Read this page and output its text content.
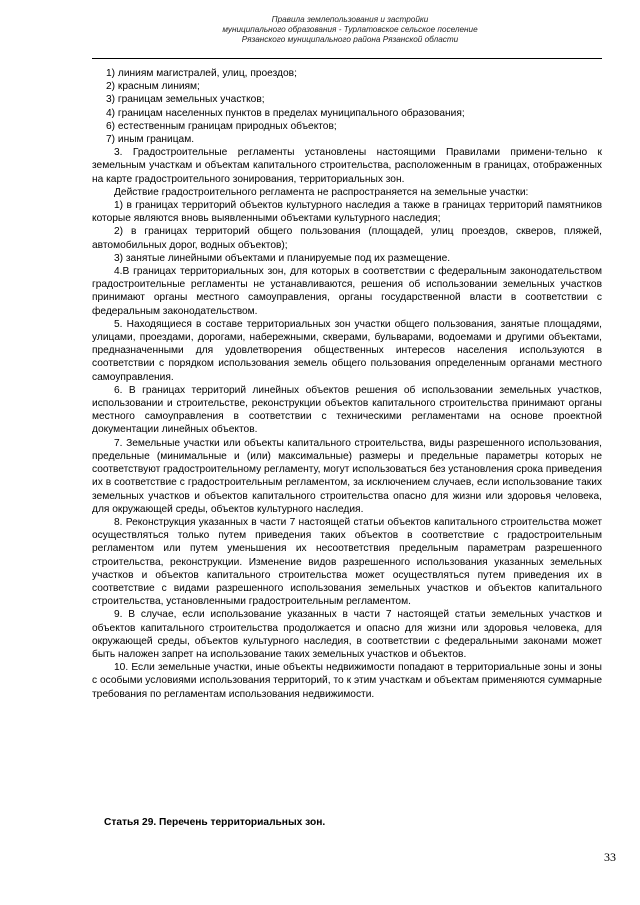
Правила землепользования и застройки
муниципального образования - Турлатовское сельское поселение
Рязанского муниципального района Рязанской области

1) линиям магистралей, улиц, проездов;

2) красным линиям;

3) границам земельных участков;

4) границам населенных пунктов в пределах муниципального образования;

6) естественным границам природных объектов;

7) иным границам.

3. Градостроительные регламенты установлены настоящими Правилами примени-тельно к земельным участкам и объектам капитального строительства, расположенным в границах, отображенных на карте градостроительного зонирования, территориальных зон.

Действие градостроительного регламента не распространяется на земельные участки:

1) в границах территорий объектов культурного наследия а также в границах территорий памятников которые являются вновь выявленными объектами культурного наследия;

2) в границах территорий общего пользования (площадей, улиц проездов, скверов, пляжей, автомобильных дорог, водных объектов);

3) занятые линейными объектами и планируемые под их размещение.

4.В границах территориальных зон, для которых в соответствии с федеральным законодательством градостроительные регламенты не устанавливаются, решения об использовании земельных участков принимают органы местного самоуправления, органы государственной власти в соответствии с федеральным законодательством.

5. Находящиеся в составе территориальных зон участки общего пользования, занятые площадями, улицами, проездами, дорогами, набережными, скверами, бульварами, водоемами и другими объектами, предназначенными для удовлетворения общественных интересов населения используются в соответствии с порядком использования земель общего пользования определенным органами местного самоуправления.

6. В границах территорий линейных объектов решения об использовании земельных участков, использовании и строительстве, реконструкции объектов капитального строительства принимают органы местного самоуправления в соответствии с техническими регламентами на основе проектной документации линейных объектов.

7. Земельные участки или объекты капитального строительства, виды разрешенного использования, предельные (минимальные и (или) максимальные) размеры и предельные параметры которых не соответствуют градостроительному регламенту, могут использоваться без установления срока приведения их в соответствие с градостроительным регламентом, за исключением случаев, если использование таких земельных участков и объектов капитального строительства опасно для жизни или здоровья человека, для окружающей среды, объектов культурного наследия.

8. Реконструкция указанных в части 7 настоящей статьи объектов капитального строительства может осуществляться только путем приведения таких объектов в соответствие с градостроительным регламентом или путем уменьшения их несоответствия предельным параметрам разрешенного строительства, реконструкции. Изменение видов разрешенного использования указанных земельных участков и объектов капитального строительства может осуществляться путем приведения их в соответствие с видами разрешенного использования земельных участков и объектов капитального строительства, установленными градостроительным регламентом.

9. В случае, если использование указанных в части 7 настоящей статьи земельных участков и объектов капитального строительства продолжается и опасно для жизни или здоровья человека, для окружающей среды, объектов культурного наследия, в соответствии с федеральными законами может быть наложен запрет на использование таких земельных участков и объектов.

10. Если земельные участки, иные объекты недвижимости попадают в территориальные зоны и зоны с особыми условиями использования территорий, то к этим участкам и объектам применяются суммарные требования по регламентам использования недвижимости.

Статья 29. Перечень территориальных зон.
33
